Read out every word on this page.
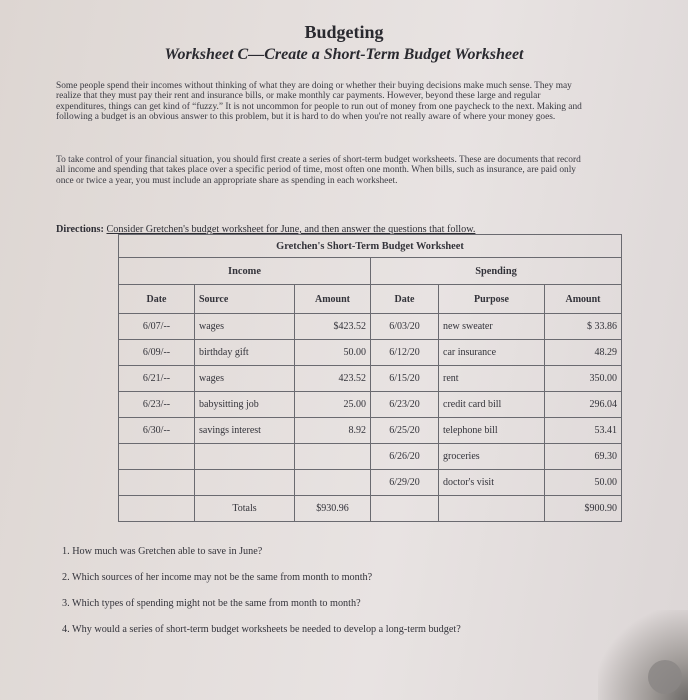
Budgeting
Worksheet C—Create a Short-Term Budget Worksheet
Some people spend their incomes without thinking of what they are doing or whether their buying decisions make much sense. They may realize that they must pay their rent and insurance bills, or make monthly car payments. However, beyond these large and regular expenditures, things can get kind of “fuzzy.” It is not uncommon for people to run out of money from one paycheck to the next. Making and following a budget is an obvious answer to this problem, but it is hard to do when you're not really aware of where your money goes.
To take control of your financial situation, you should first create a series of short-term budget worksheets. These are documents that record all income and spending that takes place over a specific period of time, most often one month. When bills, such as insurance, are paid only once or twice a year, you must include an appropriate share as spending in each worksheet.
Directions: Consider Gretchen's budget worksheet for June, and then answer the questions that follow.
Gretchen's Short-Term Budget Worksheet					
Income			Spending		
Date	Source	Amount	Date	Purpose	Amount
6/07/--	wages	$423.52	6/03/20	new sweater	$ 33.86
6/09/--	birthday gift	50.00	6/12/20	car insurance	48.29
6/21/--	wages	423.52	6/15/20	rent	350.00
6/23/--	babysitting job	25.00	6/23/20	credit card bill	296.04
6/30/--	savings interest	8.92	6/25/20	telephone bill	53.41
			6/26/20	groceries	69.30
			6/29/20	doctor's visit	50.00
	Totals	$930.96			$900.90
1. How much was Gretchen able to save in June?
2. Which sources of her income may not be the same from month to month?
3. Which types of spending might not be the same from month to month?
4. Why would a series of short-term budget worksheets be needed to develop a long-term budget?
